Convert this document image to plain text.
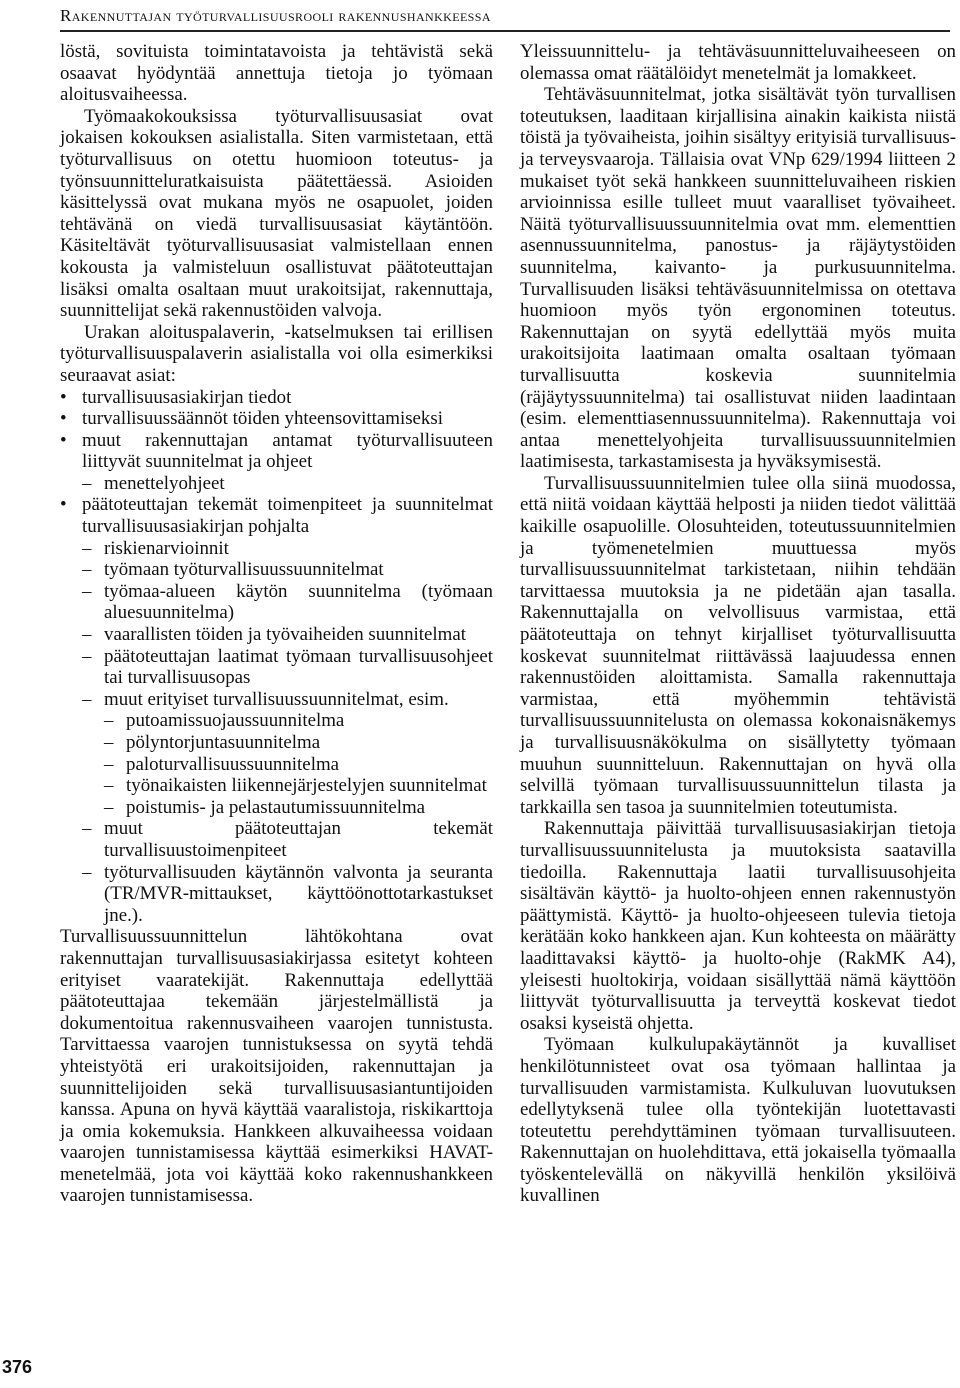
Rakennuttajan työturvallisuusrooli rakennushankkeessa

löstä, sovituista toimintatavoista ja tehtävistä sekä osaavat hyödyntää annettuja tietoja jo työmaan aloitusvaiheessa.

Työmaakokouksissa työturvallisuusasiat ovat jokaisen kokouksen asialistalla. Siten varmistetaan, että työturvallisuus on otettu huomioon toteutus- ja työnsuunnitteluratkaisuista päätettäessä. Asioiden käsittelyssä ovat mukana myös ne osapuolet, joiden tehtävänä on viedä turvallisuusasiat käytäntöön. Käsiteltävät työturvallisuusasiat valmistellaan ennen kokousta ja valmisteluun osallistuvat päätoteuttajan lisäksi omalta osaltaan muut urakoitsijat, rakennuttaja, suunnittelijat sekä rakennustöiden valvoja.

Urakan aloituspalaverin, -katselmuksen tai erillisen työturvallisuuspalaverin asialistalla voi olla esimerkiksi seuraavat asiat:

• turvallisuusasiakirjan tiedot
• turvallisuussäännöt töiden yhteensovittamiseksi
• muut rakennuttajan antamat työturvallisuuteen liittyvät suunnitelmat ja ohjeet
– menettelyohjeet
• päätoteuttajan tekemät toimenpiteet ja suunnitelmat turvallisuusasiakirjan pohjalta
– riskienarvioinnit
– työmaan työturvallisuussuunnitelmat
– työmaa-alueen käytön suunnitelma (työmaan aluesuunnitelma)
– vaarallisten töiden ja työvaiheiden suunnitelmat
– päätoteuttajan laatimat työmaan turvallisuusohjeet tai turvallisuusopas
– muut erityiset turvallisuussuunnitelmat, esim.
– putoamissuojaussuunnitelma
– pölyntorjuntasuunnitelma
– paloturvallisuussuunnitelma
– työnaikaisten liikennejärjestelyjen suunnitelmat
– poistumis- ja pelastautumissuunnitelma
– muut päätoteuttajan tekemät turvallisuustoimenpiteet
– työturvallisuuden käytännön valvonta ja seuranta (TR/MVR-mittaukset, käyttöönottotarkastukset jne.).

Turvallisuussuunnittelun lähtökohtana ovat rakennuttajan turvallisuusasiakirjassa esitetyt kohteen erityiset vaaratekijät. Rakennuttaja edellyttää päätoteuttajaa tekemään järjestelmällistä ja dokumentoitua rakennusvaiheen vaarojen tunnistusta. Tarvittaessa vaarojen tunnistuksessa on syytä tehdä yhteistyötä eri urakoitsijoiden, rakennuttajan ja suunnittelijoiden sekä turvallisuusasiantuntijoiden kanssa. Apuna on hyvä käyttää vaaralistoja, riskikarttoja ja omia kokemuksia. Hankkeen alkuvaiheessa voidaan vaarojen tunnistamisessa käyttää esimerkiksi HAVAT-menetelmää, jota voi käyttää koko rakennushankkeen vaarojen tunnistamisessa.

Yleissuunnittelu- ja tehtäväsuunnitteluvaiheeseen on olemassa omat räätälöidyt menetelmät ja lomakkeet.

Tehtäväsuunnitelmat, jotka sisältävät työn turvallisen toteutuksen, laaditaan kirjallisina ainakin kaikista niistä töistä ja työvaiheista, joihin sisältyy erityisiä turvallisuus- ja terveysvaaroja. Tällaisia ovat VNp 629/1994 liitteen 2 mukaiset työt sekä hankkeen suunnitteluvaiheen riskien arvioinnissa esille tulleet muut vaaralliset työvaiheet. Näitä työturvallisuussuunnitelmia ovat mm. elementtien asennussuunnitelma, panostus- ja räjäytystöiden suunnitelma, kaivanto- ja purkusuunnitelma. Turvallisuuden lisäksi tehtäväsuunnitelmissa on otettava huomioon myös työn ergonominen toteutus. Rakennuttajan on syytä edellyttää myös muita urakoitsijoita laatimaan omalta osaltaan työmaan turvallisuutta koskevia suunnitelmia (räjäytyssuunnitelma) tai osallistuvat niiden laadintaan (esim. elementtiasennussuunnitelma). Rakennuttaja voi antaa menettelyohjeita turvallisuussuunnitelmien laatimisesta, tarkastamisesta ja hyväksymisestä.

Turvallisuussuunnitelmien tulee olla siinä muodossa, että niitä voidaan käyttää helposti ja niiden tiedot välittää kaikille osapuolille. Olosuhteiden, toteutussuunnitelmien ja työmenetelmien muuttuessa myös turvallisuussuunnitelmat tarkistetaan, niihin tehdään tarvittaessa muutoksia ja ne pidetään ajan tasalla. Rakennuttajalla on velvollisuus varmistaa, että päätoteuttaja on tehnyt kirjalliset työturvallisuutta koskevat suunnitelmat riittävässä laajuudessa ennen rakennustöiden aloittamista. Samalla rakennuttaja varmistaa, että myöhemmin tehtävistä turvallisuussuunnitelusta on olemassa kokonaisnäkemys ja turvallisuusnäkökulma on sisällytetty työmaan muuhun suunnitteluun. Rakennuttajan on hyvä olla selvillä työmaan turvallisuussuunnittelun tilasta ja tarkkailla sen tasoa ja suunnitelmien toteutumista.

Rakennuttaja päivittää turvallisuusasiakirjan tietoja turvallisuussuunnitelusta ja muutoksista saatavilla tiedoilla. Rakennuttaja laatii turvallisuusohjeita sisältävän käyttö- ja huolto-ohjeen ennen rakennustyön päättymistä. Käyttö- ja huolto-ohjeeseen tulevia tietoja kerätään koko hankkeen ajan. Kun kohteesta on määrätty laadittavaksi käyttö- ja huolto-ohje (RakMK A4), yleisesti huoltokirja, voidaan sisällyttää nämä käyttöön liittyvät työturvallisuutta ja terveyttä koskevat tiedot osaksi kyseistä ohjetta.

Työmaan kulkulupakäytännöt ja kuvalliset henkilötunnisteet ovat osa työmaan hallintaa ja turvallisuuden varmistamista. Kulkuluvan luovutuksen edellytyksenä tulee olla työntekijän luotettavasti toteutettu perehdyttäminen työmaan turvallisuuteen. Rakennuttajan on huolehdittava, että jokaisella työmaalla työskentelevällä on näkyvillä henkilön yksilöivä kuvallinen

376
